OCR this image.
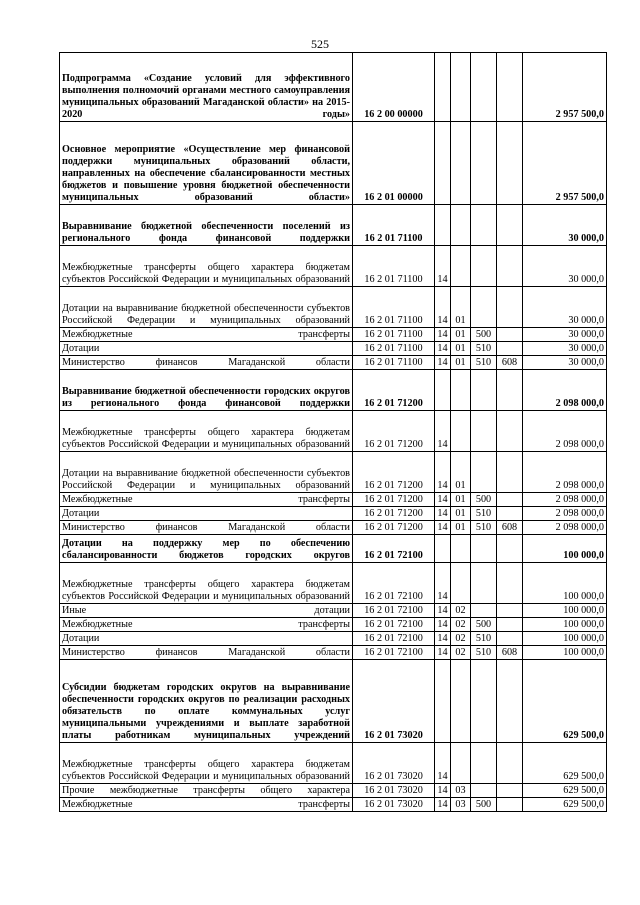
525
Подпрограмма «Создание условий для эффективного выполнения полномочий органами местного самоуправления муниципальных образований Магаданской области» на 2015-2020 годы»	16 2 00 00000					2 957 500,0
Основное мероприятие «Осуществление мер финансовой поддержки муниципальных образований области, направленных на обеспечение сбалансированности местных бюджетов и повышение уровня бюджетной обеспеченности муниципальных образований области»	16 2 01 00000					2 957 500,0
Выравнивание бюджетной обеспеченности поселений из регионального фонда финансовой поддержки	16 2 01 71100					30 000,0
Межбюджетные трансферты общего характера бюджетам субъектов Российской Федерации и муниципальных образований	16 2 01 71100	14				30 000,0
Дотации на выравнивание бюджетной обеспеченности субъектов Российской Федерации и муниципальных образований	16 2 01 71100	14	01			30 000,0
Межбюджетные трансферты	16 2 01 71100	14	01	500		30 000,0
Дотации	16 2 01 71100	14	01	510		30 000,0
Министерство финансов Магаданской области	16 2 01 71100	14	01	510	608	30 000,0
Выравнивание бюджетной обеспеченности городских округов из регионального фонда финансовой поддержки	16 2 01 71200					2 098 000,0
Межбюджетные трансферты общего характера бюджетам субъектов Российской Федерации и муниципальных образований	16 2 01 71200	14				2 098 000,0
Дотации на выравнивание бюджетной обеспеченности субъектов Российской Федерации и муниципальных образований	16 2 01 71200	14	01			2 098 000,0
Межбюджетные трансферты	16 2 01 71200	14	01	500		2 098 000,0
Дотации	16 2 01 71200	14	01	510		2 098 000,0
Министерство финансов Магаданской области	16 2 01 71200	14	01	510	608	2 098 000,0
Дотации на поддержку мер по обеспечению сбалансированности бюджетов городских округов	16 2 01 72100					100 000,0
Межбюджетные трансферты общего характера бюджетам субъектов Российской Федерации и муниципальных образований	16 2 01 72100	14				100 000,0
Иные дотации	16 2 01 72100	14	02			100 000,0
Межбюджетные трансферты	16 2 01 72100	14	02	500		100 000,0
Дотации	16 2 01 72100	14	02	510		100 000,0
Министерство финансов Магаданской области	16 2 01 72100	14	02	510	608	100 000,0
Субсидии бюджетам городских округов на выравнивание обеспеченности городских округов по реализации расходных обязательств по оплате коммунальных услуг муниципальными учреждениями и выплате заработной платы работникам муниципальных учреждений	16 2 01 73020					629 500,0
Межбюджетные трансферты общего характера бюджетам субъектов Российской Федерации и муниципальных образований	16 2 01 73020	14				629 500,0
Прочие межбюджетные трансферты общего характера	16 2 01 73020	14	03			629 500,0
Межбюджетные трансферты	16 2 01 73020	14	03	500		629 500,0
